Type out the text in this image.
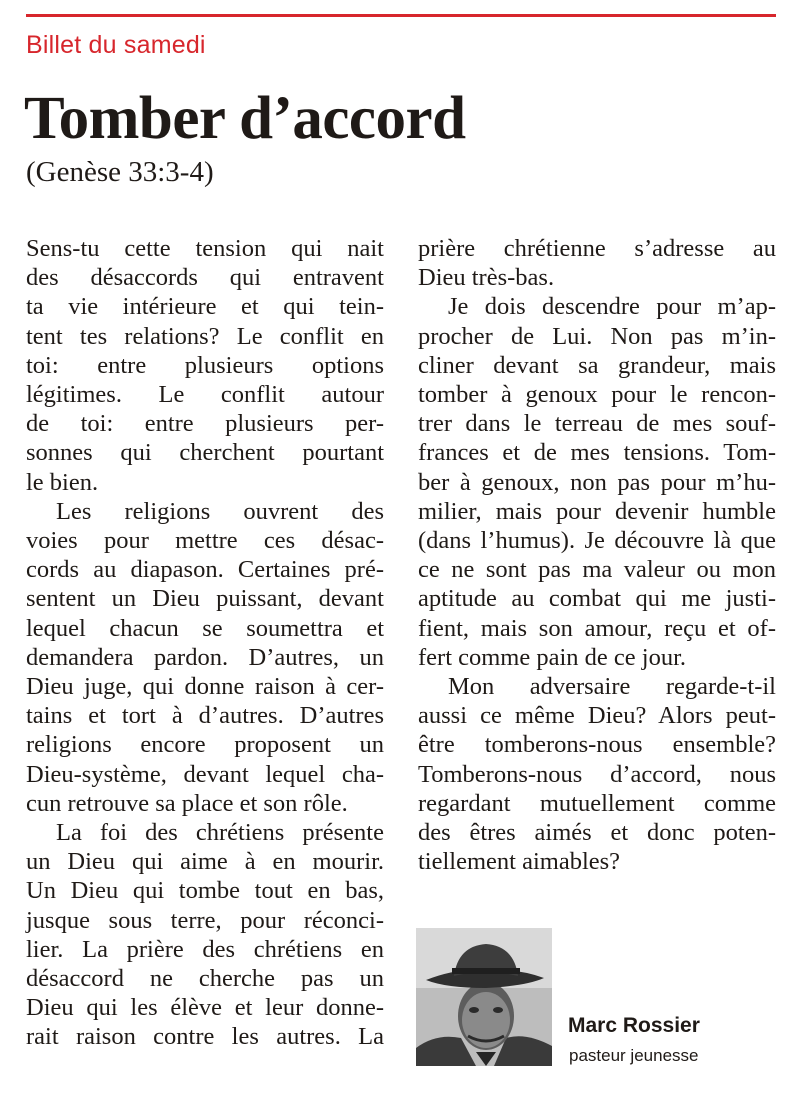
Billet du samedi
Tomber d’accord
(Genèse 33:3-4)
Sens-tu cette tension qui nait
des désaccords qui entravent
ta vie intérieure et qui tein-
tent tes relations? Le conflit en
toi: entre plusieurs options
légitimes. Le conflit autour
de toi: entre plusieurs per-
sonnes qui cherchent pourtant
le bien.
Les religions ouvrent des
voies pour mettre ces désac-
cords au diapason. Certaines pré-
sentent un Dieu puissant, devant
lequel chacun se soumettra et
demandera pardon. D’autres, un
Dieu juge, qui donne raison à cer-
tains et tort à d’autres. D’autres
religions encore proposent un
Dieu-système, devant lequel cha-
cun retrouve sa place et son rôle.
La foi des chrétiens présente
un Dieu qui aime à en mourir.
Un Dieu qui tombe tout en bas,
jusque sous terre, pour réconci-
lier. La prière des chrétiens en
désaccord ne cherche pas un
Dieu qui les élève et leur donne-
rait raison contre les autres. La
prière chrétienne s’adresse au
Dieu très-bas.
Je dois descendre pour m’ap-
procher de Lui. Non pas m’in-
cliner devant sa grandeur, mais
tomber à genoux pour le rencon-
trer dans le terreau de mes souf-
frances et de mes tensions. Tom-
ber à genoux, non pas pour m’hu-
milier, mais pour devenir humble
(dans l’humus). Je découvre là que
ce ne sont pas ma valeur ou mon
aptitude au combat qui me justi-
fient, mais son amour, reçu et of-
fert comme pain de ce jour.
Mon adversaire regarde-t-il
aussi ce même Dieu? Alors peut-
être tomberons-nous ensemble?
Tomberons-nous d’accord, nous
regardant mutuellement comme
des êtres aimés et donc poten-
tiellement aimables?
Marc Rossier
pasteur jeunesse
